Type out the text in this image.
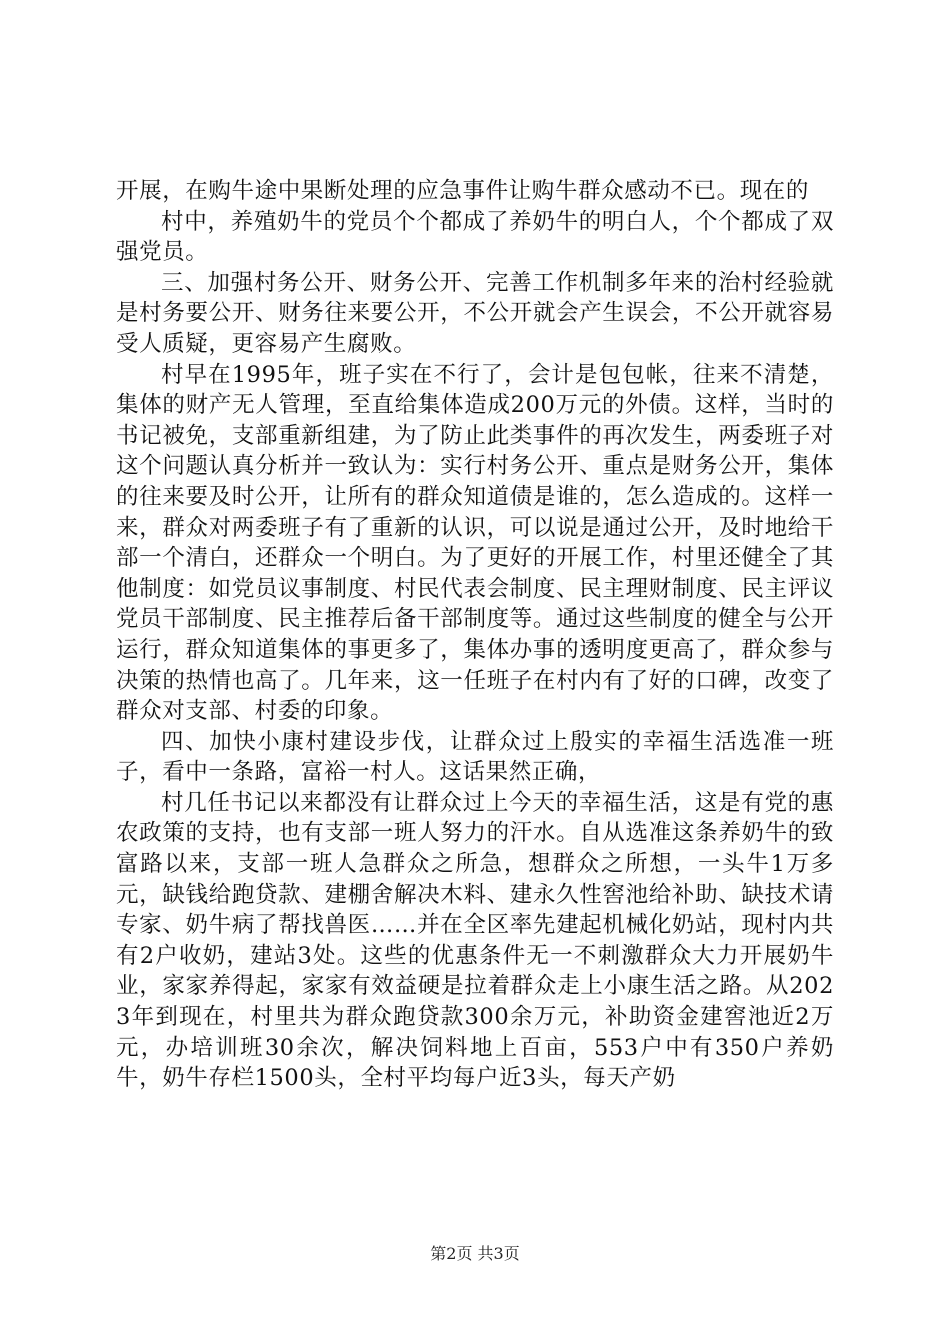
开展，在购牛途中果断处理的应急事件让购牛群众感动不已。现在的

村中，养殖奶牛的党员个个都成了养奶牛的明白人，个个都成了双强党员。

三、加强村务公开、财务公开、完善工作机制多年来的治村经验就是村务要公开、财务往来要公开，不公开就会产生误会，不公开就容易受人质疑，更容易产生腐败。

村早在1995年，班子实在不行了，会计是包包帐，往来不清楚，集体的财产无人管理，至直给集体造成200万元的外债。这样，当时的书记被免，支部重新组建，为了防止此类事件的再次发生，两委班子对这个问题认真分析并一致认为：实行村务公开、重点是财务公开，集体的往来要及时公开，让所有的群众知道债是谁的，怎么造成的。这样一来，群众对两委班子有了重新的认识，可以说是通过公开，及时地给干部一个清白，还群众一个明白。为了更好的开展工作，村里还健全了其他制度：如党员议事制度、村民代表会制度、民主理财制度、民主评议党员干部制度、民主推荐后备干部制度等。通过这些制度的健全与公开运行，群众知道集体的事更多了，集体办事的透明度更高了，群众参与决策的热情也高了。几年来，这一任班子在村内有了好的口碑，改变了群众对支部、村委的印象。

四、加快小康村建设步伐，让群众过上殷实的幸福生活选准一班子，看中一条路，富裕一村人。这话果然正确，

村几任书记以来都没有让群众过上今天的幸福生活，这是有党的惠农政策的支持，也有支部一班人努力的汗水。自从选准这条养奶牛的致富路以来，支部一班人急群众之所急，想群众之所想，一头牛1万多元，缺钱给跑贷款、建棚舍解决木料、建永久性窖池给补助、缺技术请专家、奶牛病了帮找兽医……并在全区率先建起机械化奶站，现村内共有2户收奶，建站3处。这些的优惠条件无一不刺激群众大力开展奶牛业，家家养得起，家家有效益硬是拉着群众走上小康生活之路。从2023年到现在，村里共为群众跑贷款300余万元，补助资金建窖池近2万元，办培训班30余次，解决饲料地上百亩，553户中有350户养奶牛，奶牛存栏1500头，全村平均每户近3头，每天产奶

第2页 共3页
